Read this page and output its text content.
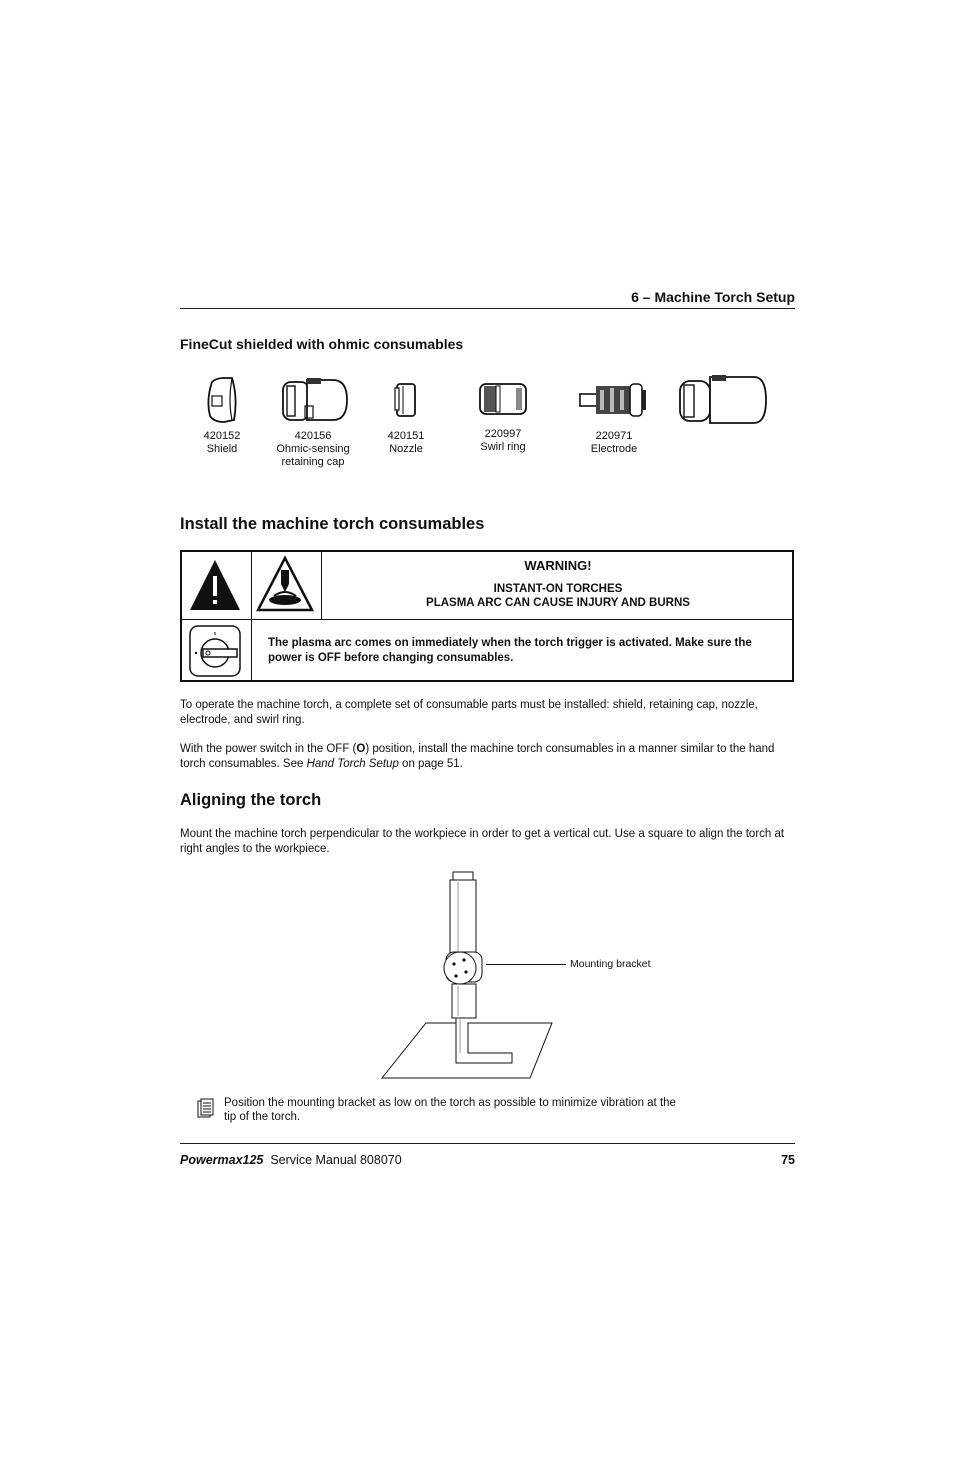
6 – Machine Torch Setup
FineCut shielded with ohmic consumables
420152
Shield
420156
Ohmic-sensing retaining cap
420151
Nozzle
220997
Swirl ring
220971
Electrode
Install the machine torch consumables
WARNING!
INSTANT-ON TORCHES
PLASMA ARC CAN CAUSE INJURY AND BURNS
The plasma arc comes on immediately when the torch trigger is activated. Make sure the power is OFF before changing consumables.
To operate the machine torch, a complete set of consumable parts must be installed: shield, retaining cap, nozzle, electrode, and swirl ring.
With the power switch in the OFF (O) position, install the machine torch consumables in a manner similar to the hand torch consumables. See Hand Torch Setup on page 51.
Aligning the torch
Mount the machine torch perpendicular to the workpiece in order to get a vertical cut. Use a square to align the torch at right angles to the workpiece.
Mounting bracket
Position the mounting bracket as low on the torch as possible to minimize vibration at the tip of the torch.
Powermax125 Service Manual 808070	75
